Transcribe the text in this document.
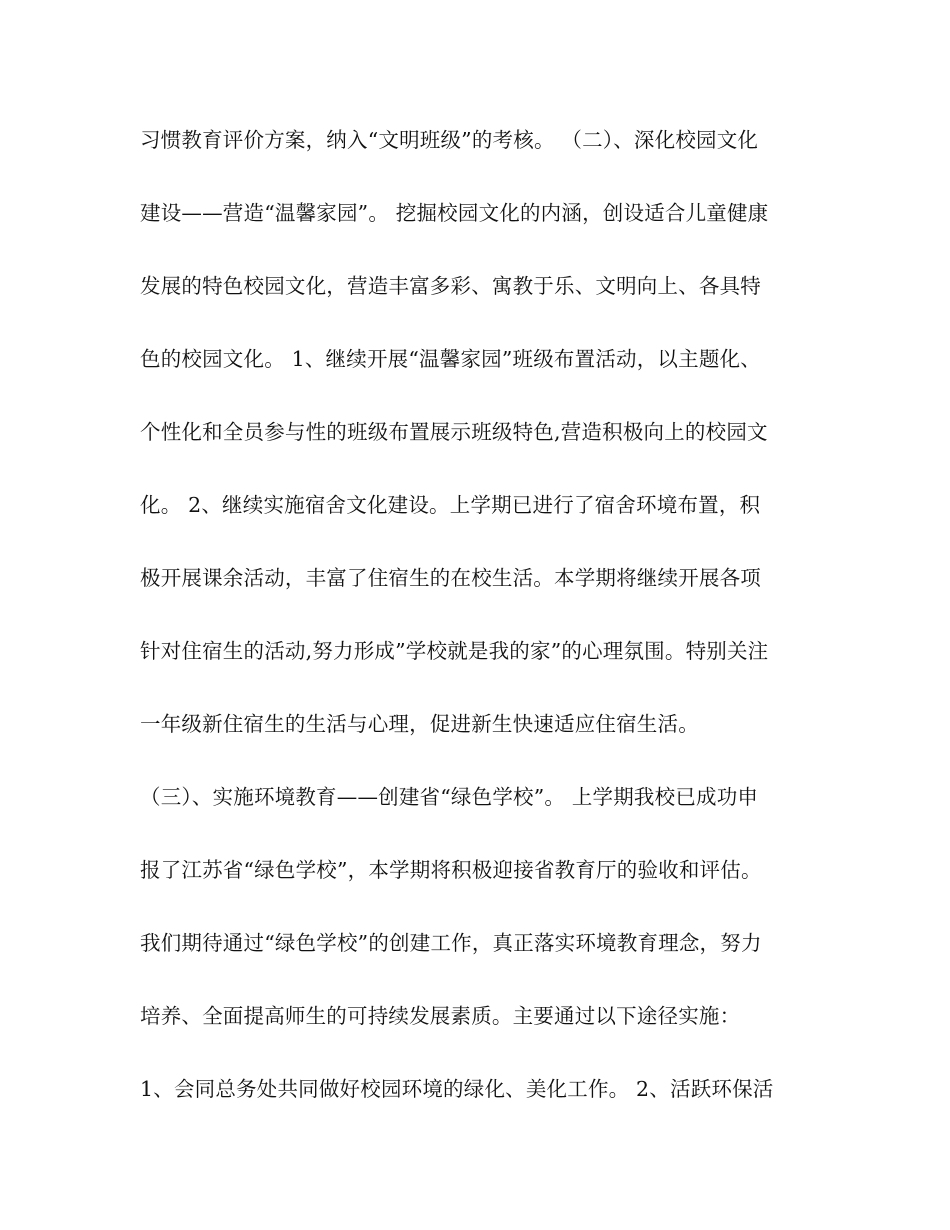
习惯教育评价方案，纳入“文明班级”的考核。 （二）、深化校园文化
建设——营造“温馨家园”。 挖掘校园文化的内涵，创设适合儿童健康
发展的特色校园文化，营造丰富多彩、寓教于乐、文明向上、各具特
色的校园文化。 1、继续开展“温馨家园”班级布置活动，以主题化、
个性化和全员参与性的班级布置展示班级特色,营造积极向上的校园文
化。 2、继续实施宿舍文化建设。上学期已进行了宿舍环境布置，积
极开展课余活动，丰富了住宿生的在校生活。本学期将继续开展各项
针对住宿生的活动,努力形成”学校就是我的家”的心理氛围。特别关注
一年级新住宿生的生活与心理，促进新生快速适应住宿生活。
（三）、实施环境教育——创建省“绿色学校”。 上学期我校已成功申
报了江苏省“绿色学校”，本学期将积极迎接省教育厅的验收和评估。
我们期待通过“绿色学校”的创建工作，真正落实环境教育理念，努力
培养、全面提高师生的可持续发展素质。主要通过以下途径实施：
1、会同总务处共同做好校园环境的绿化、美化工作。 2、活跃环保活
